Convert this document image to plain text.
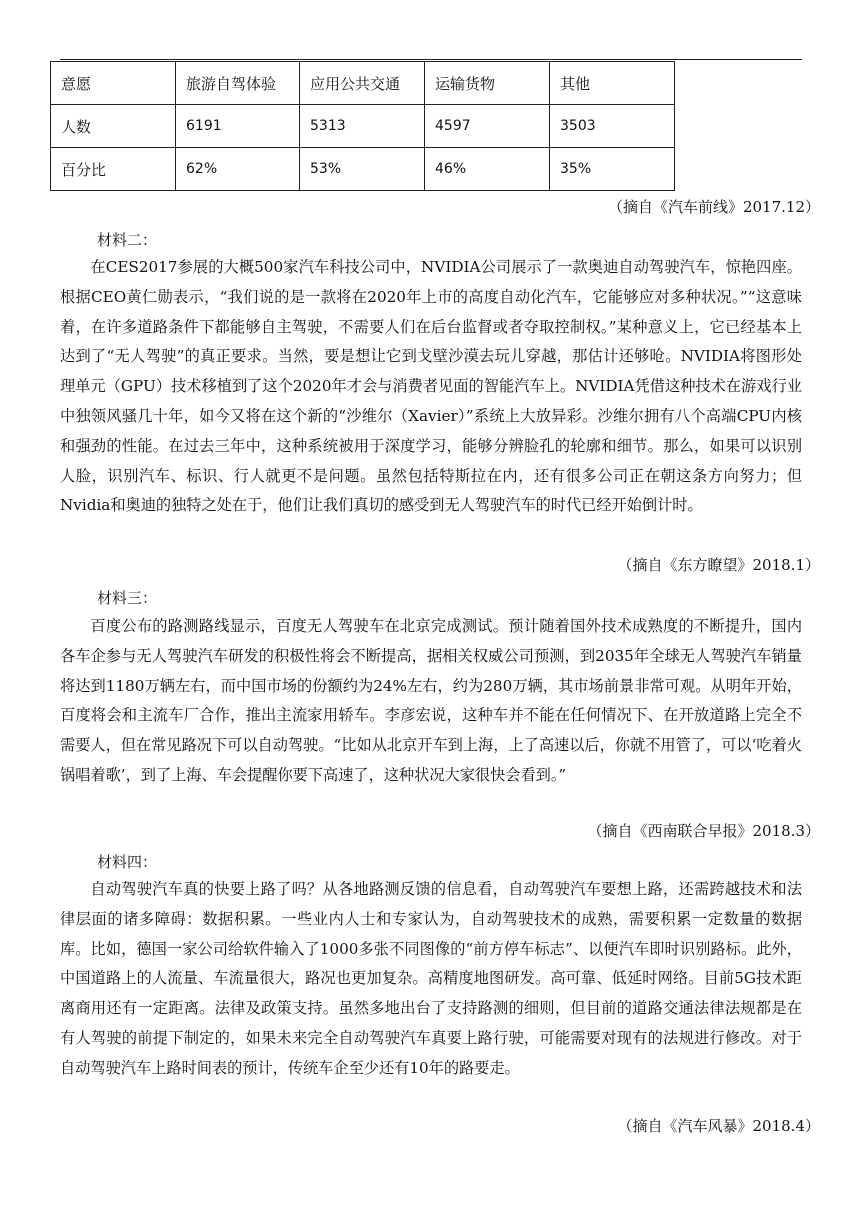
意愿	旅游自驾体验	应用公共交通	运输货物	其他
人数	6191	5313	4597	3503
百分比	62%	53%	46%	35%
（摘自《汽车前线》2017.12）
材料二：

在CES2017参展的大概500家汽车科技公司中，NVIDIA公司展示了一款奥迪自动驾驶汽车，惊艳四座。根据CEO黄仁勋表示，“我们说的是一款将在2020年上市的高度自动化汽车，它能够应对多种状况。”“这意味着，在许多道路条件下都能够自主驾驶，不需要人们在后台监督或者夺取控制权。”某种意义上，它已经基本上达到了“无人驾驶”的真正要求。当然，要是想让它到戈壁沙漠去玩儿穿越，那估计还够呛。NVIDIA将图形处理单元（GPU）技术移植到了这个2020年才会与消费者见面的智能汽车上。NVIDIA凭借这种技术在游戏行业中独领风骚几十年，如今又将在这个新的“沙维尔（Xavier）”系统上大放异彩。沙维尔拥有八个高端CPU内核和强劲的性能。在过去三年中，这种系统被用于深度学习，能够分辨脸孔的轮廓和细节。那么，如果可以识别人脸，识别汽车、标识、行人就更不是问题。虽然包括特斯拉在内，还有很多公司正在朝这条方向努力；但Nvidia和奥迪的独特之处在于，他们让我们真切的感受到无人驾驶汽车的时代已经开始倒计时。

（摘自《东方瞭望》2018.1）
材料三：

百度公布的路测路线显示，百度无人驾驶车在北京完成测试。预计随着国外技术成熟度的不断提升，国内各车企参与无人驾驶汽车研发的积极性将会不断提高，据相关权威公司预测，到2035年全球无人驾驶汽车销量将达到1180万辆左右，而中国市场的份额约为24%左右，约为280万辆，其市场前景非常可观。从明年开始，百度将会和主流车厂合作，推出主流家用轿车。李彦宏说，这种车并不能在任何情况下、在开放道路上完全不需要人，但在常见路况下可以自动驾驶。“比如从北京开车到上海，上了高速以后，你就不用管了，可以‘吃着火锅唱着歌’，到了上海、车会提醒你要下高速了，这种状况大家很快会看到。”

（摘自《西南联合早报》2018.3）
材料四：

自动驾驶汽车真的快要上路了吗？从各地路测反馈的信息看，自动驾驶汽车要想上路，还需跨越技术和法律层面的诸多障碍：数据积累。一些业内人士和专家认为，自动驾驶技术的成熟，需要积累一定数量的数据库。比如，德国一家公司给软件输入了1000多张不同图像的“前方停车标志”、以便汽车即时识别路标。此外，中国道路上的人流量、车流量很大，路况也更加复杂。高精度地图研发。高可靠、低延时网络。目前5G技术距离商用还有一定距离。法律及政策支持。虽然多地出台了支持路测的细则，但目前的道路交通法律法规都是在有人驾驶的前提下制定的，如果未来完全自动驾驶汽车真要上路行驶，可能需要对现有的法规进行修改。对于自动驾驶汽车上路时间表的预计，传统车企至少还有10年的路要走。

（摘自《汽车风暴》2018.4）
